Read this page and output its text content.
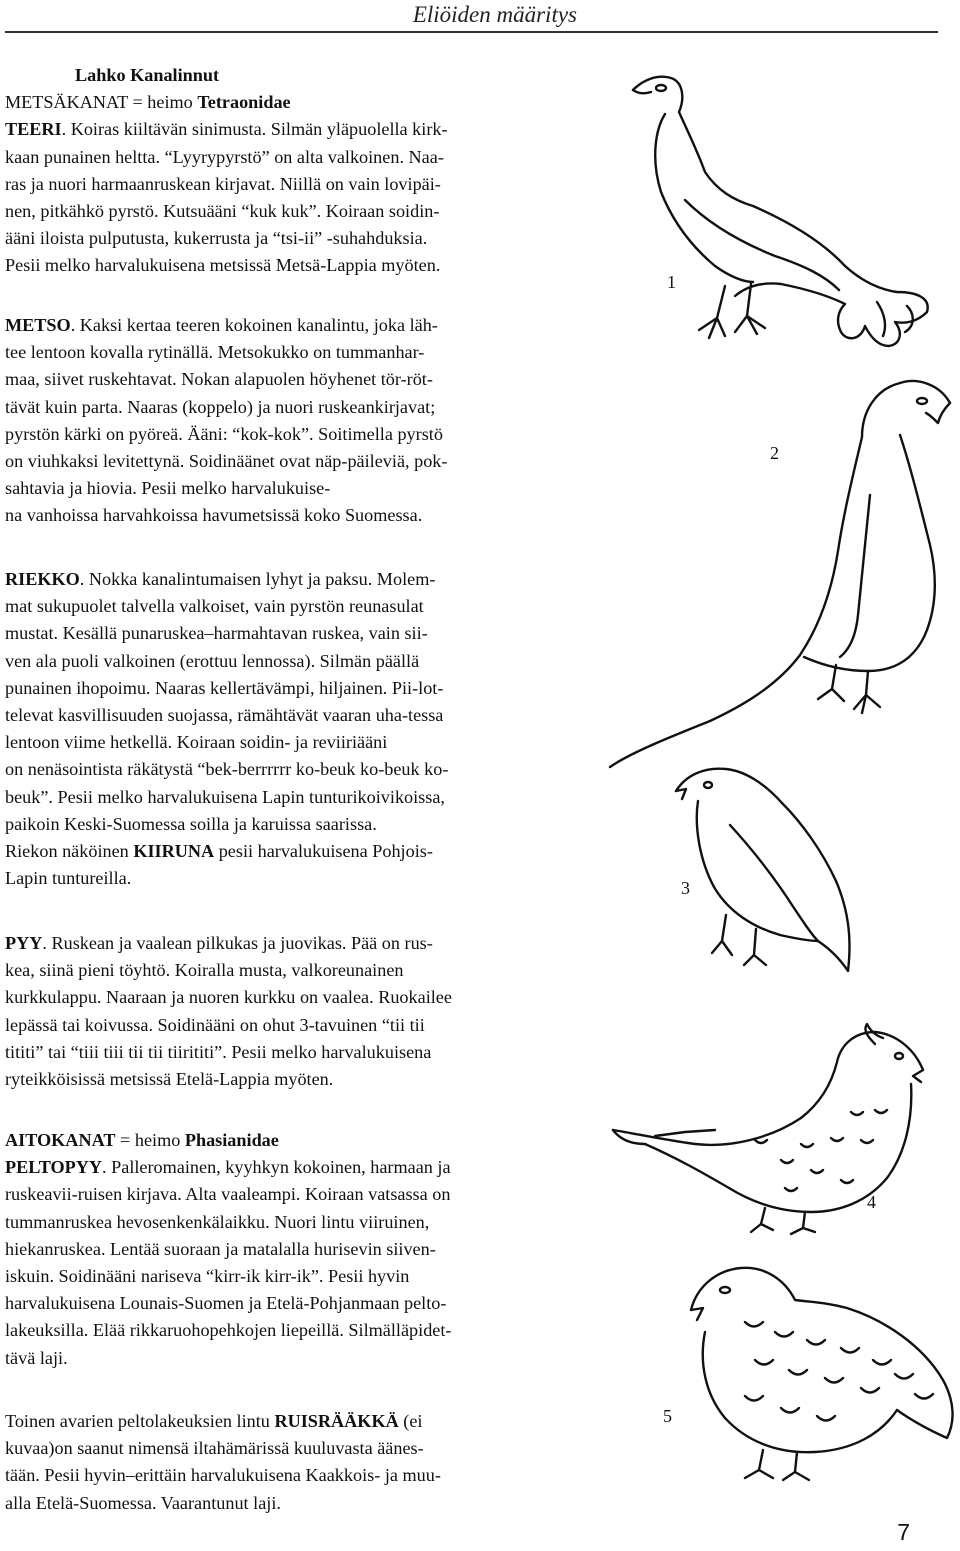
Eliöiden määritys
Lahko Kanalinnut
METSÄKANAT = heimo Tetraonidae
TEERI. Koiras kiiltävän sinimusta. Silmän yläpuolella kirk-
kaan punainen heltta. “Lyyrypyrstö” on alta valkoinen. Naa-
ras ja nuori harmaanruskean kirjavat. Niillä on vain lovipäi-
nen, pitkähkö pyrstö. Kutsuääni “kuk kuk”. Koiraan soidin-
ääni iloista pulputusta, kukerrusta ja “tsi-ii” -suhahduksia.
Pesii melko harvalukuisena metsissä Metsä-Lappia myöten.
METSO. Kaksi kertaa teeren kokoinen kanalintu, joka läh-
tee lentoon kovalla rytinällä. Metsokukko on tummanhar-
maa, siivet ruskehtavat. Nokan alapuolen höyhenet tör-röt-
tävät kuin parta. Naaras (koppelo) ja nuori ruskeankirjavat;
pyrstön kärki on pyöreä. Ääni: “kok-kok”. Soitimella pyrstö
on viuhkaksi levitettynä. Soidinäänet ovat näp-päileviä, pok-
sahtavia ja hiovia. Pesii melko harvalukuise-
na vanhoissa harvahkoissa havumetsissä koko Suomessa.
RIEKKO. Nokka kanalintumaisen lyhyt ja paksu. Molem-
mat sukupuolet talvella valkoiset, vain pyrstön reunasulat
mustat. Kesällä punaruskea–harmahtavan ruskea, vain sii-
ven ala puoli valkoinen (erottuu lennossa). Silmän päällä
punainen ihopoimu. Naaras kellertävämpi, hiljainen. Pii-lot-
televat kasvillisuuden suojassa, rämähtävät vaaran uha-tessa
lentoon viime hetkellä. Koiraan soidin- ja reviiriääni
on nenäsointista räkätystä “bek-berrrrrr ko-beuk ko-beuk ko-
beuk”. Pesii melko harvalukuisena Lapin tunturikoivikoissa,
paikoin Keski-Suomessa soilla ja karuissa saarissa.
Riekon näköinen KIIRUNA pesii harvalukuisena Pohjois-
Lapin tuntureilla.
PYY. Ruskean ja vaalean pilkukas ja juovikas. Pää on rus-
kea, siinä pieni töyhtö. Koiralla musta, valkoreunainen
kurkkulappu. Naaraan ja nuoren kurkku on vaalea. Ruokailee
lepässä tai koivussa. Soidinääni on ohut 3-tavuinen “tii tii
tititi” tai “tiii tiii tii tii tiirititi”. Pesii melko harvalukuisena
ryteikköisissä metsissä Etelä-Lappia myöten.
AITOKANAT = heimo Phasianidae
PELTOPYY. Palleromainen, kyyhkyn kokoinen, harmaan ja
ruskeavii-ruisen kirjava. Alta vaaleampi. Koiraan vatsassa on
tummanruskea hevosenkenkälaikku. Nuori lintu viiruinen,
hiekanruskea. Lentää suoraan ja matalalla hurisevin siiven-
iskuin. Soidinääni nariseva “kirr-ik kirr-ik”. Pesii hyvin
harvalukuisena Lounais-Suomen ja Etelä-Pohjanmaan pelto-
lakeuksilla. Elää rikkaruohopehkojen liepeillä. Silmälläpidet-
tävä laji.
Toinen avarien peltolakeuksien lintu RUISRÄÄKKÄ (ei
kuvaa)on saanut nimensä iltahämärissä kuuluvasta äänes-
tään. Pesii hyvin–erittäin harvalukuisena Kaakkois- ja muu-
alla Etelä-Suomessa. Vaarantunut laji.
1
2
3
4
5
7
